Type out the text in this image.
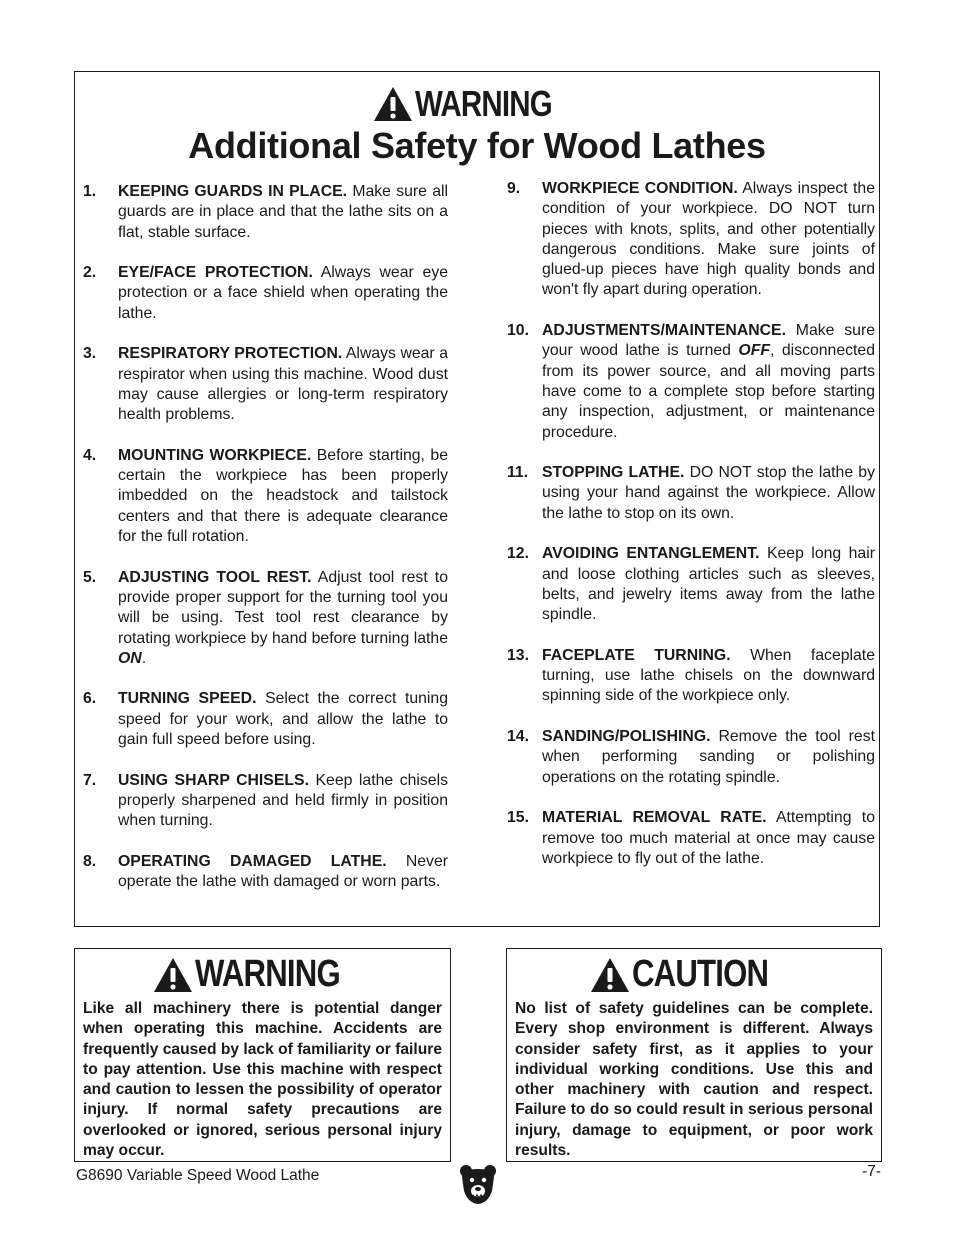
WARNING
Additional Safety for Wood Lathes
1.	KEEPING GUARDS IN PLACE. Make sure all guards are in place and that the lathe sits on a flat, stable surface.
2.	EYE/FACE PROTECTION. Always wear eye protection or a face shield when operating the lathe.
3.	RESPIRATORY PROTECTION. Always wear a respirator when using this machine. Wood dust may cause allergies or long-term respiratory health problems.
4.	MOUNTING WORKPIECE. Before starting, be certain the workpiece has been properly imbedded on the headstock and tailstock centers and that there is adequate clearance for the full rotation.
5.	ADJUSTING TOOL REST. Adjust tool rest to provide proper support for the turning tool you will be using. Test tool rest clearance by rotating workpiece by hand before turning lathe ON.
6.	TURNING SPEED. Select the correct tuning speed for your work, and allow the lathe to gain full speed before using.
7.	USING SHARP CHISELS. Keep lathe chisels properly sharpened and held firmly in position when turning.
8.	OPERATING DAMAGED LATHE. Never operate the lathe with damaged or worn parts.
9.	WORKPIECE CONDITION. Always inspect the condition of your workpiece. DO NOT turn pieces with knots, splits, and other potentially dangerous conditions. Make sure joints of glued-up pieces have high quality bonds and won't fly apart during operation.
10. ADJUSTMENTS/MAINTENANCE. Make sure your wood lathe is turned OFF, disconnected from its power source, and all moving parts have come to a complete stop before starting any inspection, adjustment, or maintenance procedure.
11. STOPPING LATHE. DO NOT stop the lathe by using your hand against the workpiece. Allow the lathe to stop on its own.
12. AVOIDING ENTANGLEMENT. Keep long hair and loose clothing articles such as sleeves, belts, and jewelry items away from the lathe spindle.
13. FACEPLATE TURNING. When faceplate turning, use lathe chisels on the downward spinning side of the workpiece only.
14. SANDING/POLISHING. Remove the tool rest when performing sanding or polishing operations on the rotating spindle.
15. MATERIAL REMOVAL RATE. Attempting to remove too much material at once may cause workpiece to fly out of the lathe.
WARNING
Like all machinery there is potential danger when operating this machine. Accidents are frequently caused by lack of familiarity or failure to pay attention. Use this machine with respect and caution to lessen the possibility of operator injury. If normal safety precautions are overlooked or ignored, serious personal injury may occur.
CAUTION
No list of safety guidelines can be complete. Every shop environment is different. Always consider safety first, as it applies to your individual working conditions. Use this and other machinery with caution and respect. Failure to do so could result in serious personal injury, damage to equipment, or poor work results.
G8690 Variable Speed Wood Lathe	-7-
